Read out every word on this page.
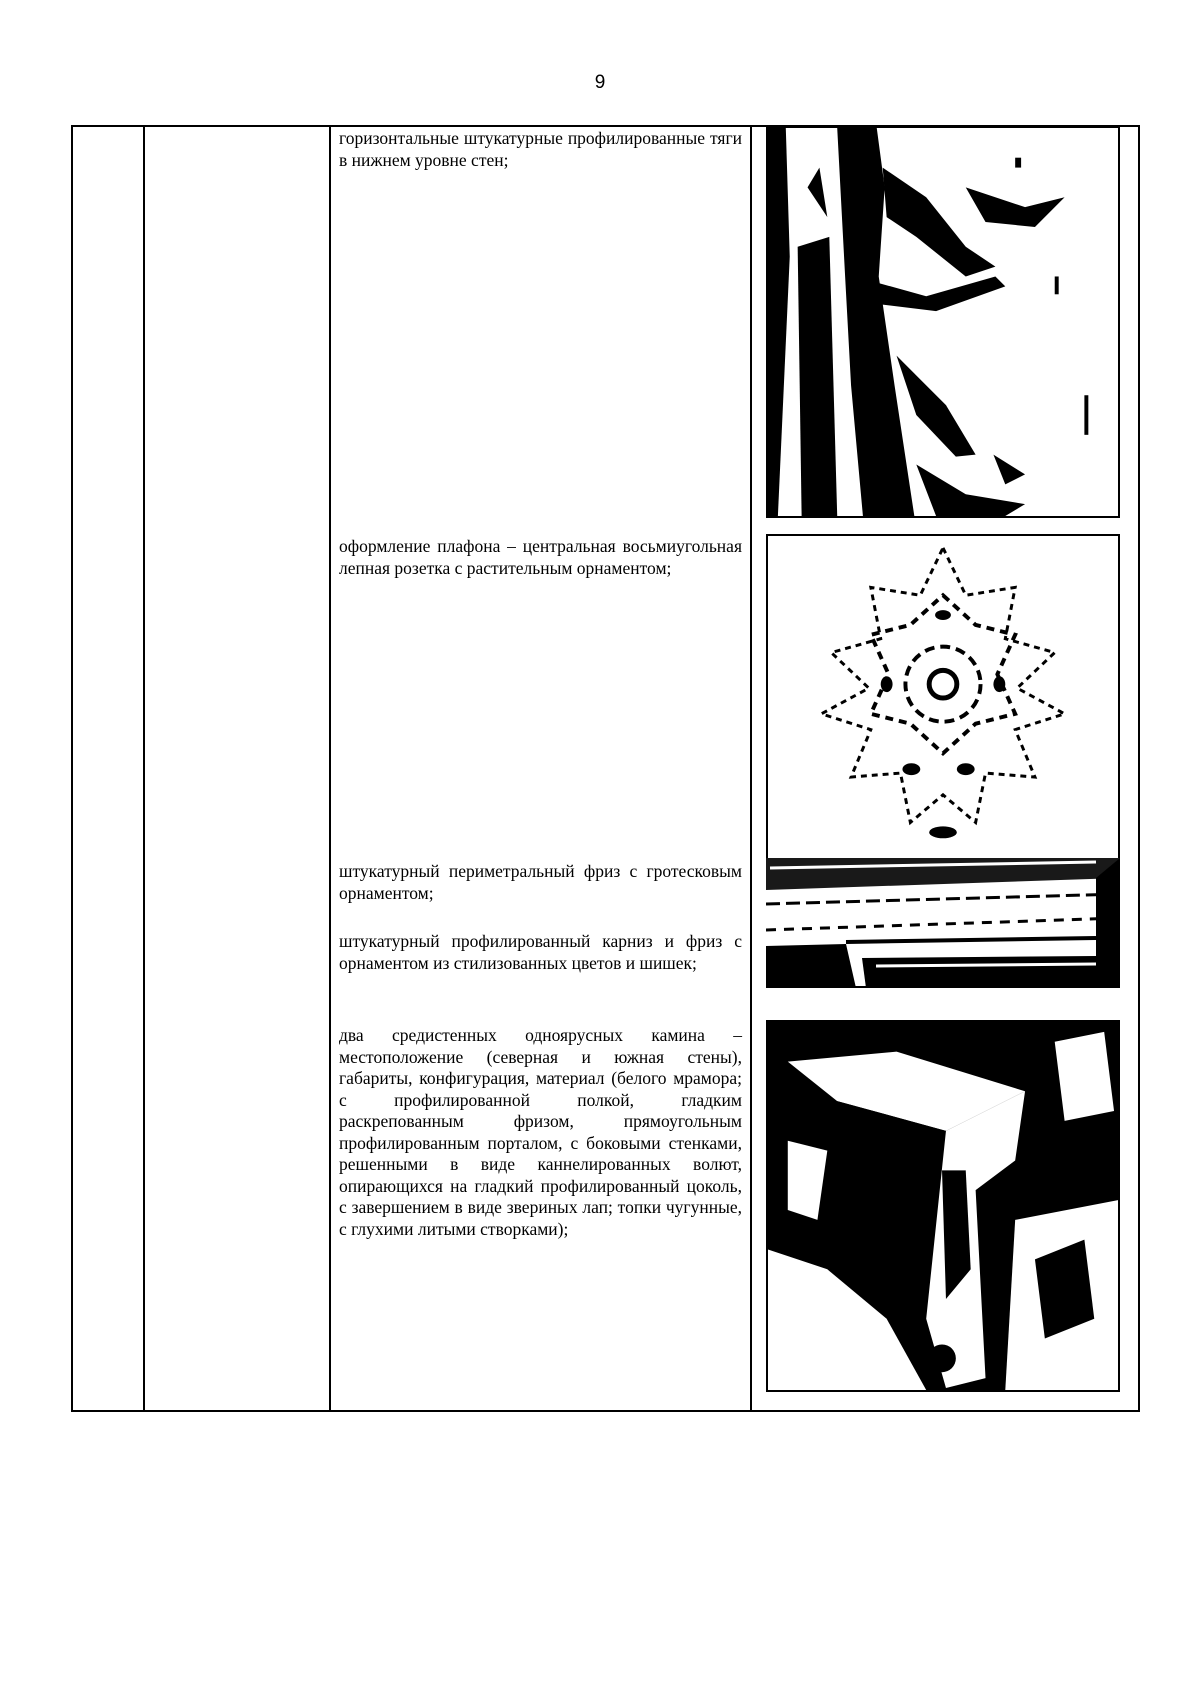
9

горизонтальные штукатурные профилированные тяги в нижнем уровне стен;

оформление плафона – центральная восьмиугольная лепная розетка с растительным орнаментом;

штукатурный периметральный фриз с гротесковым орнаментом;

штукатурный профилированный карниз и фриз с орнаментом из стилизованных цветов и шишек;

два средистенных одноярусных камина – местоположение (северная и южная стены), габариты, конфигурация, материал (белого мрамора; с профилированной полкой, гладким раскрепованным фризом, прямоугольным профилированным порталом, с боковыми стенками, решенными в виде каннелированных волют, опирающихся на гладкий профилированный цоколь, с завершением в виде звериных лап; топки чугунные, с глухими литыми створками);
